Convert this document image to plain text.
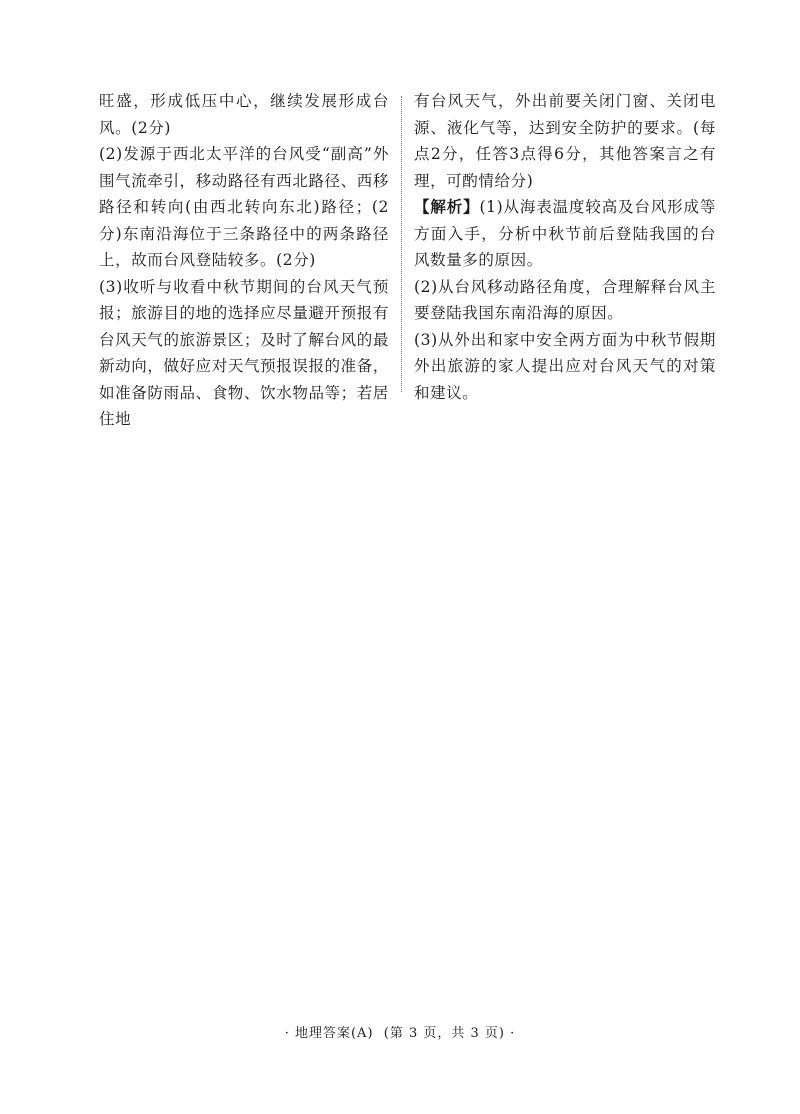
旺盛，形成低压中心，继续发展形成台风。(2分)

(2)发源于西北太平洋的台风受“副高”外围气流牵引，移动路径有西北路径、西移路径和转向(由西北转向东北)路径；(2分)东南沿海位于三条路径中的两条路径上，故而台风登陆较多。(2分)

(3)收听与收看中秋节期间的台风天气预报；旅游目的地的选择应尽量避开预报有台风天气的旅游景区；及时了解台风的最新动向，做好应对天气预报误报的准备，如准备防雨品、食物、饮水物品等；若居住地

有台风天气，外出前要关闭门窗、关闭电源、液化气等，达到安全防护的要求。(每点2分，任答3点得6分，其他答案言之有理，可酌情给分)

【解析】(1)从海表温度较高及台风形成等方面入手，分析中秋节前后登陆我国的台风数量多的原因。

(2)从台风移动路径角度，合理解释台风主要登陆我国东南沿海的原因。

(3)从外出和家中安全两方面为中秋节假期外出旅游的家人提出应对台风天气的对策和建议。

· 地理答案(A)  (第 3 页，共 3 页) ·
